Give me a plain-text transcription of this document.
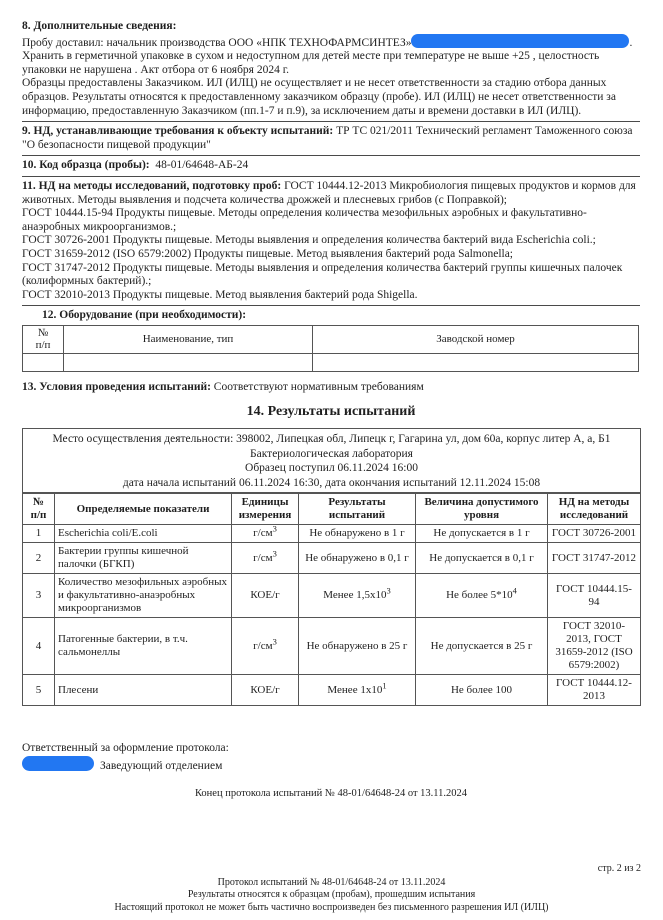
8. Дополнительные сведения:

Пробу доставил: начальник производства ООО «НПК ТЕХНОФАРМСИНТЕЗ»	.

Хранить в герметичной упаковке в сухом и недоступном для детей месте при температуре не выше +25 , целостность упаковки не нарушена . Акт отбора от 6 ноября 2024 г.

Образцы предоставлены Заказчиком. ИЛ (ИЛЦ) не осуществляет и не несет ответственности за стадию отбора данных образцов. Результаты относятся к предоставленному заказчиком образцу (пробе). ИЛ (ИЛЦ) не несет ответственности за информацию, предоставленную Заказчиком (пп.1-7 и п.9), за исключением даты и времени доставки в ИЛ (ИЛЦ).

9. НД, устанавливающие требования к объекту испытаний: ТР ТС 021/2011 Технический регламент Таможенного союза "О безопасности пищевой продукции"

10. Код образца (пробы): 48-01/64648-АБ-24

11. НД на методы исследований, подготовку проб: ГОСТ 10444.12-2013 Микробиология пищевых продуктов и кормов для животных. Методы выявления и подсчета количества дрожжей и плесневых грибов (с Поправкой);

ГОСТ 10444.15-94 Продукты пищевые. Методы определения количества мезофильных аэробных и факультативно-анаэробных микроорганизмов.;

ГОСТ 30726-2001 Продукты пищевые. Методы выявления и определения количества бактерий вида Escherichia coli.;

ГОСТ 31659-2012 (ISO 6579:2002) Продукты пищевые. Метод выявления бактерий рода Salmonella;

ГОСТ 31747-2012 Продукты пищевые. Методы выявления и определения количества бактерий группы кишечных палочек (колиформных бактерий).;

ГОСТ 32010-2013 Продукты пищевые. Метод выявления бактерий рода Shigella.

12. Оборудование (при необходимости):

№
п/п	Наименование, тип	Заводской номер

13. Условия проведения испытаний: Соответствуют нормативным требованиям

14. Результаты испытаний

Место осуществления деятельности: 398002, Липецкая обл, Липецк г, Гагарина ул, дом 60а, корпус литер А, а, Б1

Бактериологическая лаборатория

Образец поступил 06.11.2024 16:00

дата начала испытаний 06.11.2024 16:30, дата окончания испытаний 12.11.2024 15:08

№
п/п	Определяемые показатели	Единицы измерения	Результаты испытаний	Величина допустимого уровня	НД на методы исследований
1	Escherichia coli/E.coli	$г/см^3$	Не обнаружено в 1 г	Не допускается в 1 г	ГОСТ 30726-2001
2	Бактерии группы кишечной палочки (БГКП)	$г/см^3$	Не обнаружено в 0,1 г	Не допускается в 0,1 г	ГОСТ 31747-2012
3	Количество мезофильных аэробных и факультативно-анаэробных микроорганизмов	КОЕ/г	Менее $1,5х10^3$	Не более $5*10^4$	ГОСТ 10444.15-94
4	Патогенные бактерии, в т.ч. сальмонеллы	$г/см^3$	Не обнаружено в 25 г	Не допускается в 25 г	ГОСТ 32010-2013, ГОСТ 31659-2012 (ISO 6579:2002)
5	Плесени	КОЕ/г	Менее $1х10^1$	Не более 100	ГОСТ 10444.12-2013

Ответственный за оформление протокола:

Заведующий отделением

Конец протокола испытаний № 48-01/64648-24 от 13.11.2024
стр. 2 из 2

Протокол испытаний № 48-01/64648-24 от 13.11.2024

Результаты относятся к образцам (пробам), прошедшим испытания

Настоящий протокол не может быть частично воспроизведен без письменного разрешения ИЛ (ИЛЦ)
